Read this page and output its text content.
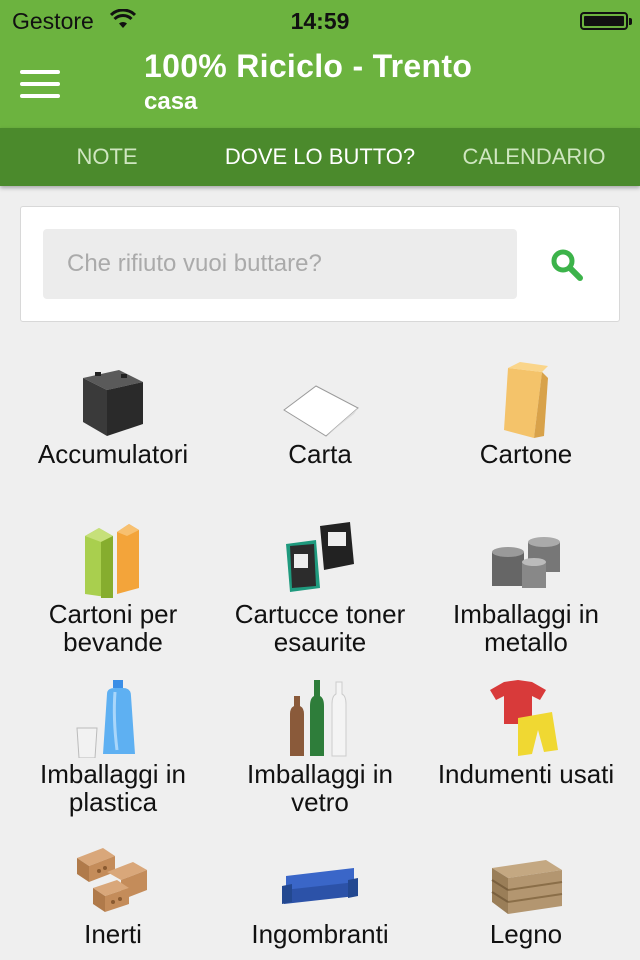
Gestore	14:59
100% Riciclo - Trento
casa
NOTE	DOVE LO BUTTO?	CALENDARIO
Che rifiuto vuoi buttare?
Accumulatori	Carta	Cartone
Cartoni per bevande
Cartucce toner esaurite
Imballaggi in metallo
Imballaggi in plastica
Imballaggi in vetro
Indumenti usati
Inerti	Ingombranti	Legno
